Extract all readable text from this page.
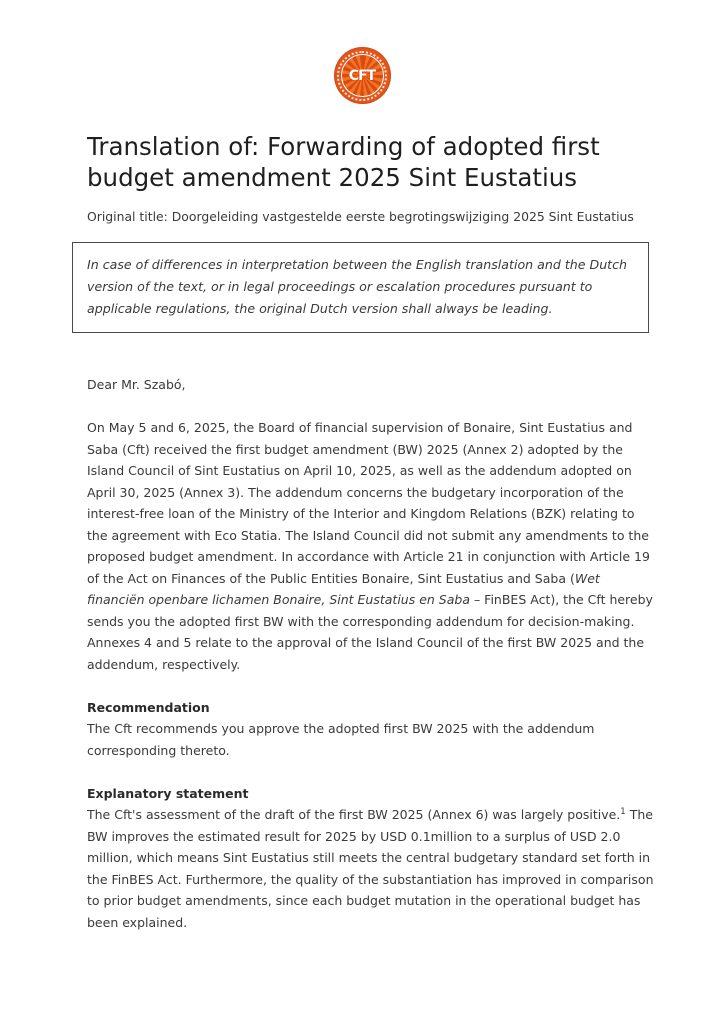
CFT
Translation of: Forwarding of adopted first
budget amendment 2025 Sint Eustatius
Original title: Doorgeleiding vastgestelde eerste begrotingswijziging 2025 Sint Eustatius
In case of differences in interpretation between the English translation and the Dutch version of the text, or in legal proceedings or escalation procedures pursuant to applicable regulations, the original Dutch version shall always be leading.
Dear Mr. Szabó,
On May 5 and 6, 2025, the Board of financial supervision of Bonaire, Sint Eustatius and Saba (Cft) received the first budget amendment (BW) 2025 (Annex 2) adopted by the Island Council of Sint Eustatius on April 10, 2025, as well as the addendum adopted on April 30, 2025 (Annex 3). The addendum concerns the budgetary incorporation of the interest-free loan of the Ministry of the Interior and Kingdom Relations (BZK) relating to the agreement with Eco Statia. The Island Council did not submit any amendments to the proposed budget amendment. In accordance with Article 21 in conjunction with Article 19 of the Act on Finances of the Public Entities Bonaire, Sint Eustatius and Saba (Wet financiën openbare lichamen Bonaire, Sint Eustatius en Saba – FinBES Act), the Cft hereby sends you the adopted first BW with the corresponding addendum for decision-making. Annexes 4 and 5 relate to the approval of the Island Council of the first BW 2025 and the addendum, respectively.
Recommendation
The Cft recommends you approve the adopted first BW 2025 with the addendum corresponding thereto.
Explanatory statement
The Cft's assessment of the draft of the first BW 2025 (Annex 6) was largely positive.$^1$ The BW improves the estimated result for 2025 by USD 0.1million to a surplus of USD 2.0 million, which means Sint Eustatius still meets the central budgetary standard set forth in the FinBES Act. Furthermore, the quality of the substantiation has improved in comparison to prior budget amendments, since each budget mutation in the operational budget has been explained.
